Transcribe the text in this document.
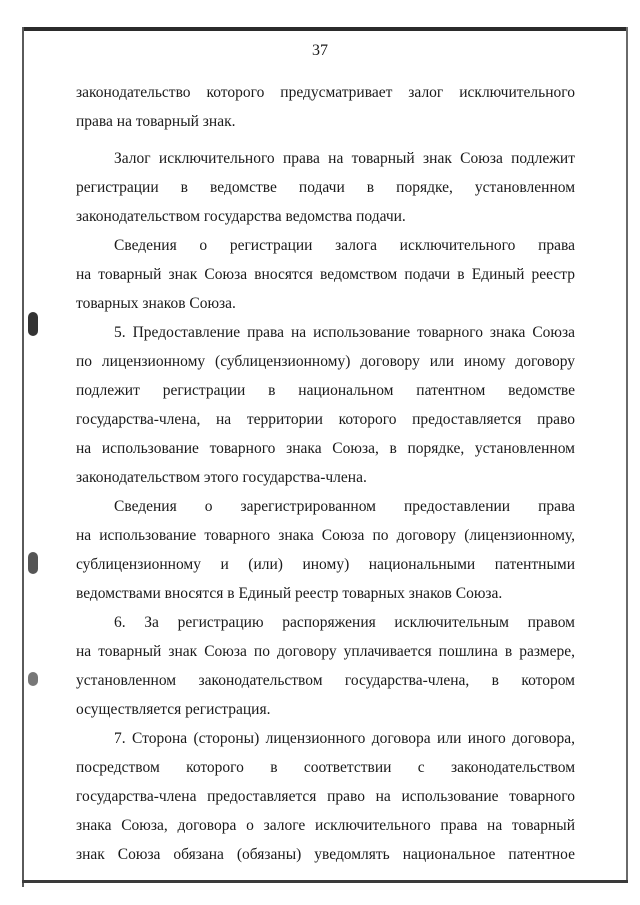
37
законодательство которого предусматривает залог исключительного
права на товарный знак.
Залог исключительного права на товарный знак Союза подлежит
регистрации в ведомстве подачи в порядке, установленном
законодательством государства ведомства подачи.
Сведения о регистрации залога исключительного права
на товарный знак Союза вносятся ведомством подачи в Единый реестр
товарных знаков Союза.
5. Предоставление права на использование товарного знака Союза
по лицензионному (сублицензионному) договору или иному договору
подлежит регистрации в национальном патентном ведомстве
государства-члена, на территории которого предоставляется право
на использование товарного знака Союза, в порядке, установленном
законодательством этого государства-члена.
Сведения о зарегистрированном предоставлении права
на использование товарного знака Союза по договору (лицензионному,
сублицензионному и (или) иному) национальными патентными
ведомствами вносятся в Единый реестр товарных знаков Союза.
6. За регистрацию распоряжения исключительным правом
на товарный знак Союза по договору уплачивается пошлина в размере,
установленном законодательством государства-члена, в котором
осуществляется регистрация.
7. Сторона (стороны) лицензионного договора или иного договора,
посредством которого в соответствии с законодательством
государства-члена предоставляется право на использование товарного
знака Союза, договора о залоге исключительного права на товарный
знак Союза обязана (обязаны) уведомлять национальное патентное
